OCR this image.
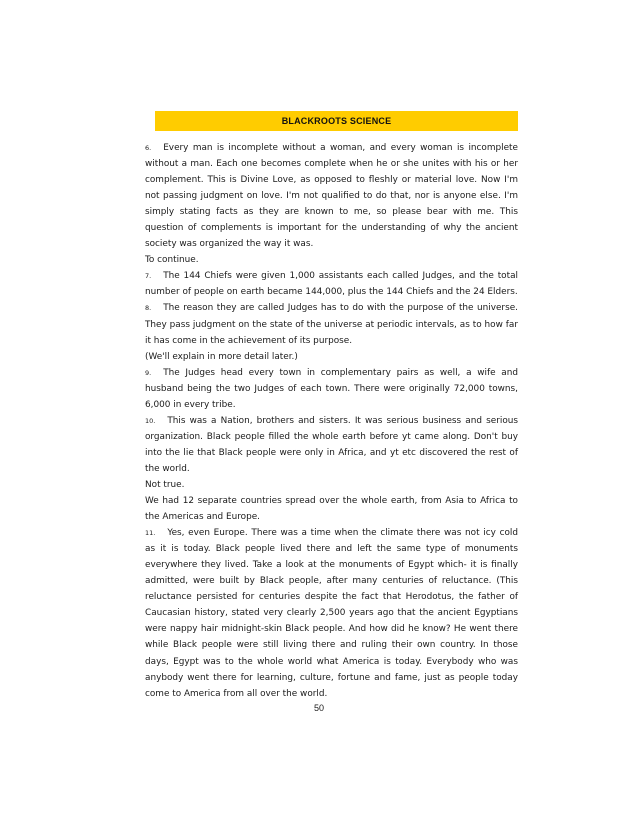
BLACKROOTS SCIENCE

6. Every man is incomplete without a woman, and every woman is incomplete without a man. Each one becomes complete when he or she unites with his or her complement. This is Divine Love, as opposed to fleshly or material love. Now I'm not passing judgment on love. I'm not qualified to do that, nor is anyone else. I'm simply stating facts as they are known to me, so please bear with me. This question of complements is important for the understanding of why the ancient society was organized the way it was.

To continue.

7. The 144 Chiefs were given 1,000 assistants each called Judges, and the total number of people on earth became 144,000, plus the 144 Chiefs and the 24 Elders.

8. The reason they are called Judges has to do with the purpose of the universe. They pass judgment on the state of the universe at periodic intervals, as to how far it has come in the achievement of its purpose.

(We'll explain in more detail later.)

9. The Judges head every town in complementary pairs as well, a wife and husband being the two Judges of each town. There were originally 72,000 towns, 6,000 in every tribe.

10. This was a Nation, brothers and sisters. It was serious business and serious organization. Black people filled the whole earth before yt came along. Don't buy into the lie that Black people were only in Africa, and yt etc discovered the rest of the world.

Not true.

We had 12 separate countries spread over the whole earth, from Asia to Africa to the Americas and Europe.

11. Yes, even Europe. There was a time when the climate there was not icy cold as it is today. Black people lived there and left the same type of monuments everywhere they lived. Take a look at the monuments of Egypt which- it is finally admitted, were built by Black people, after many centuries of reluctance. (This reluctance persisted for centuries despite the fact that Herodotus, the father of Caucasian history, stated very clearly 2,500 years ago that the ancient Egyptians were nappy hair midnight-skin Black people. And how did he know? He went there while Black people were still living there and ruling their own country. In those days, Egypt was to the whole world what America is today. Everybody who was anybody went there for learning, culture, fortune and fame, just as people today come to America from all over the world.

50
